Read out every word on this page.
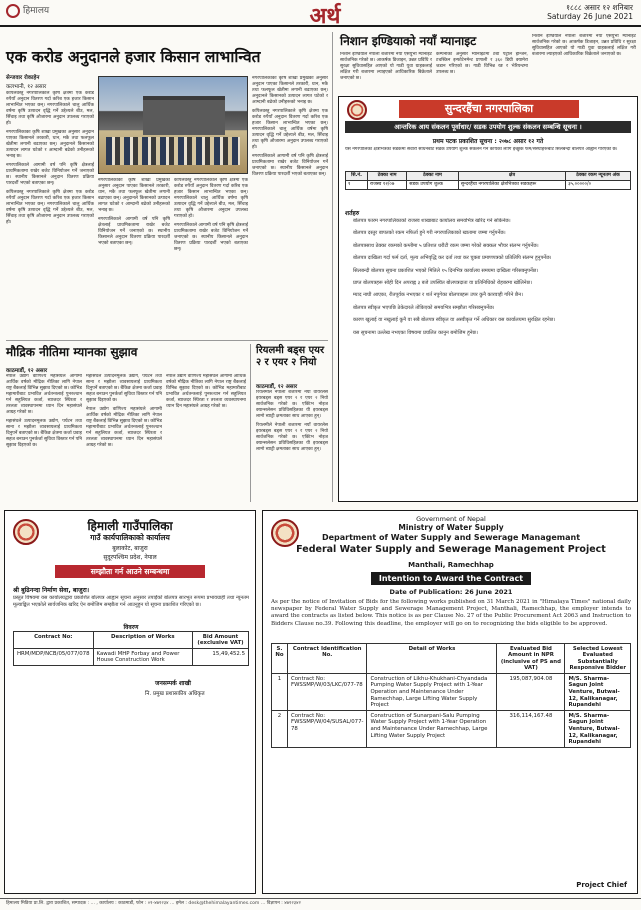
हिमालय	अर्थ	१८८८ असार १२ शनिबार
Saturday 26 June 2021
एक करोड अनुदानले हजार किसान लाभान्वित
सेन्जवार रोकाहेन
कलभानी, १२ असार

कपिलवस्तु नगरपालिकाले कृषि क्षेत्रमा एक करोड रुपैयाँ अनुदान वितरण गर्दा करिब एक हजार किसान लाभान्वित भएका छन्। नगरपालिकाले चालु आर्थिक वर्षमा कृषि उत्पादन वृद्धि गर्ने उद्देश्यले बीउ, मल, सिँचाइ तथा कृषि औजारमा अनुदान उपलब्ध गराएको हो।

नगरपालिकाका कृषि शाखा प्रमुखका अनुसार अनुदान पाएका किसानले तरकारी, धान, मकै तथा फलफूल खेतीमा लगानी बढाएका छन्। अनुदानले किसानको उत्पादन लागत घटेको र आम्दानी बढेको उनीहरूको भनाइ छ।

नगरपालिकाले आगामी वर्ष पनि कृषि क्षेत्रलाई प्राथमिकतामा राखेर बजेट विनियोजन गर्ने जनाएको छ। स्थानीय किसानले अनुदान वितरण प्रक्रिया पारदर्शी भएको बताएका छन्।

कपिलवस्तु नगरपालिकाले कृषि क्षेत्रमा एक करोड रुपैयाँ अनुदान वितरण गर्दा करिब एक हजार किसान लाभान्वित भएका छन्। नगरपालिकाले चालु आर्थिक वर्षमा कृषि उत्पादन वृद्धि गर्ने उद्देश्यले बीउ, मल, सिँचाइ तथा कृषि औजारमा अनुदान उपलब्ध गराएको हो।

नगरपालिकाका कृषि शाखा प्रमुखका अनुसार अनुदान पाएका किसानले तरकारी, धान, मकै तथा फलफूल खेतीमा लगानी बढाएका छन्। अनुदानले किसानको उत्पादन लागत घटेको र आम्दानी बढेको उनीहरूको भनाइ छ।

नगरपालिकाले आगामी वर्ष पनि कृषि क्षेत्रलाई प्राथमिकतामा राखेर बजेट विनियोजन गर्ने जनाएको छ। स्थानीय किसानले अनुदान वितरण प्रक्रिया पारदर्शी भएको बताएका छन्।

कपिलवस्तु नगरपालिकाले कृषि क्षेत्रमा एक करोड रुपैयाँ अनुदान वितरण गर्दा करिब एक हजार किसान लाभान्वित भएका छन्। नगरपालिकाले चालु आर्थिक वर्षमा कृषि उत्पादन वृद्धि गर्ने उद्देश्यले बीउ, मल, सिँचाइ तथा कृषि औजारमा अनुदान उपलब्ध गराएको हो।

नगरपालिकाले आगामी वर्ष पनि कृषि क्षेत्रलाई प्राथमिकतामा राखेर बजेट विनियोजन गर्ने जनाएको छ। स्थानीय किसानले अनुदान वितरण प्रक्रिया पारदर्शी भएको बताएका छन्।

नगरपालिकाका कृषि शाखा प्रमुखका अनुसार अनुदान पाएका किसानले तरकारी, धान, मकै तथा फलफूल खेतीमा लगानी बढाएका छन्। अनुदानले किसानको उत्पादन लागत घटेको र आम्दानी बढेको उनीहरूको भनाइ छ।

कपिलवस्तु नगरपालिकाले कृषि क्षेत्रमा एक करोड रुपैयाँ अनुदान वितरण गर्दा करिब एक हजार किसान लाभान्वित भएका छन्। नगरपालिकाले चालु आर्थिक वर्षमा कृषि उत्पादन वृद्धि गर्ने उद्देश्यले बीउ, मल, सिँचाइ तथा कृषि औजारमा अनुदान उपलब्ध गराएको हो।

नगरपालिकाले आगामी वर्ष पनि कृषि क्षेत्रलाई प्राथमिकतामा राखेर बजेट विनियोजन गर्ने जनाएको छ। स्थानीय किसानले अनुदान वितरण प्रक्रिया पारदर्शी भएको बताएका छन्।

मौद्रिक नीतिमा म्यानका सुझाव
काठमाडौं, १२ असार

नेपाल उद्योग वाणिज्य महासंघले आगामी आर्थिक वर्षको मौद्रिक नीतिका लागि नेपाल राष्ट्र बैंकलाई विभिन्न सुझाव दिएको छ। कोभिड महामारीबाट प्रभावित अर्थतन्त्रलाई पुनरुत्थान गर्न सहुलियत कर्जा, ब्याजदर स्थिरता र तरलता व्यवस्थापनमा ध्यान दिन महासंघले आग्रह गरेको छ।

महासंघले उत्पादनमूलक उद्योग, पर्यटन तथा साना र मझौला व्यवसायलाई प्राथमिकता दिनुपर्ने बताएको छ। बैंकिङ क्षेत्रमा कर्जा प्रवाह सहज बनाउन पुनर्कर्जा सुविधा विस्तार गर्न पनि सुझाव दिइएको छ।

महासंघले उत्पादनमूलक उद्योग, पर्यटन तथा साना र मझौला व्यवसायलाई प्राथमिकता दिनुपर्ने बताएको छ। बैंकिङ क्षेत्रमा कर्जा प्रवाह सहज बनाउन पुनर्कर्जा सुविधा विस्तार गर्न पनि सुझाव दिइएको छ।

नेपाल उद्योग वाणिज्य महासंघले आगामी आर्थिक वर्षको मौद्रिक नीतिका लागि नेपाल राष्ट्र बैंकलाई विभिन्न सुझाव दिएको छ। कोभिड महामारीबाट प्रभावित अर्थतन्त्रलाई पुनरुत्थान गर्न सहुलियत कर्जा, ब्याजदर स्थिरता र तरलता व्यवस्थापनमा ध्यान दिन महासंघले आग्रह गरेको छ।

नेपाल उद्योग वाणिज्य महासंघले आगामी आर्थिक वर्षको मौद्रिक नीतिका लागि नेपाल राष्ट्र बैंकलाई विभिन्न सुझाव दिएको छ। कोभिड महामारीबाट प्रभावित अर्थतन्त्रलाई पुनरुत्थान गर्न सहुलियत कर्जा, ब्याजदर स्थिरता र तरलता व्यवस्थापनमा ध्यान दिन महासंघले आग्रह गरेको छ।

रियलमी बड्स एयर २ र एयर २ नियो
काठमाडौं, १२ असार

रियलमीले नेपाली बजारमा नयाँ वायरलेस इयरबड्स बड्स एयर २ र एयर २ नियो सार्वजनिक गरेको छ। एक्टिभ नोइज क्यान्सलेसन प्रविधिसहितका यी इयरबड्स लामो ब्याट्री क्षमताका साथ आएका हुन्।

रियलमीले नेपाली बजारमा नयाँ वायरलेस इयरबड्स बड्स एयर २ र एयर २ नियो सार्वजनिक गरेको छ। एक्टिभ नोइज क्यान्सलेसन प्रविधिसहितका यी इयरबड्स लामो ब्याट्री क्षमताका साथ आएका हुन्।

निशान इण्डियाको नयाँ म्यानाइट

निशान इण्डियाले नेपाली बजारमा नयाँ एसयुभी म्यानाइट सार्वजनिक गरेको छ। आकर्षक डिजाइन, उन्नत प्रविधि र सुरक्षा सुविधासहित आएको यो गाडी युवा ग्राहकलाई लक्षित गरी बजारमा ल्याइएको आधिकारिक बिक्रेताले जनाएको छ।

कम्पनीका अनुसार म्यानाइटमा टर्बो पेट्रोल इन्जिन, टचस्क्रिन इन्फोटेनमेन्ट प्रणाली र ३६० डिग्री क्यामेरा जडान गरिएको छ। गाडी विभिन्न रङ र भेरियन्टमा उपलब्ध छ।

निशान इण्डियाले नेपाली बजारमा नयाँ एसयुभी म्यानाइट सार्वजनिक गरेको छ। आकर्षक डिजाइन, उन्नत प्रविधि र सुरक्षा सुविधासहित आएको यो गाडी युवा ग्राहकलाई लक्षित गरी बजारमा ल्याइएको आधिकारिक बिक्रेताले जनाएको छ।

सुन्दरहैंचा नगरपालिका
आन्तरिक आय संकलन पूर्वाधार/ सडक उपयोग शुल्क संकलन सम्बन्धि सूचना ।
प्रथम पटक प्रकाशित सूचना : २०७८ असार १२ गते
यस नगरपालिका क्षेत्रभित्रका सडकमा सवारी साधनबाट सडक उपयोग शुल्क संकलन गर्ने कार्यका लागि इच्छुक फर्म/संस्थाहरूबाट सिलबन्दी बोलपत्र आह्वान गरिएको छ।
सि.नं.	ठेक्का नाम	ठेक्का नाम	क्षेत्र	ठेक्का रकम न्यूनतम अंक
१	राजस्व १२/०७	सडक उपयोग शुल्क	सुन्दरहैंचा नगरपालिका क्षेत्रभित्रका सडकहरू	३५,०००००/०
शर्तहरु
1. बोलपत्र फारम नगरपालिकाको राजस्व शाखाबाट कार्यालय समयभित्र खरिद गर्न सकिनेछ।
2. बोलपत्र दस्तुर बापतको रकम नफिर्ता हुने गरी नगरपालिकाको खातामा जम्मा गर्नुपर्नेछ।
3. बोलपत्रसाथ ठेक्का रकमको कम्तीमा ५ प्रतिशत धरौटी रकम जम्मा गरेको सक्कल भौचर संलग्न गर्नुपर्नेछ।
4. बोलपत्र दाखिला गर्दा फर्म दर्ता, मूल्य अभिवृद्धि कर दर्ता तथा कर चुक्ता प्रमाणपत्रको प्रतिलिपि संलग्न हुनुपर्नेछ।
5. सिलबन्दी बोलपत्र सूचना प्रकाशित भएको मितिले १५ दिनभित्र कार्यालय समयमा दाखिला गरिसक्नुपर्नेछ।
6. प्राप्त बोलपत्रहरू सोही दिन अपराह्न ३ बजे उपस्थित बोलपत्रदाता वा प्रतिनिधिको रोहबरमा खोलिनेछ।
7. म्याद नाघी आएका, रीतपूर्वक नभएका र शर्त नपुगेका बोलपत्रहरू उपर कुनै कारवाही गरिने छैन।
8. बोलपत्र स्वीकृत भएपछि ठेकेदारले तोकिएको समयभित्र सम्झौता गरिसक्नुपर्नेछ।
9. कारण खुलाई वा नखुलाई कुनै वा सबै बोलपत्र स्वीकृत वा अस्वीकृत गर्ने अधिकार यस कार्यालयमा सुरक्षित रहनेछ।
10. यस सूचनामा उल्लेख नभएका विषयमा प्रचलित कानुन बमोजिम हुनेछ।
हिमाली गाउँपालिका
गाउँ कार्यपालिकाको कार्यालय
बुलाकोट, बाजुरा
सुदूरपश्चिम प्रदेश, नेपाल
सम्झौता गर्न आउने सम्बन्धमा
श्री बुढिनन्दा निर्माण सेवा, बाजुरा।
प्रस्तुत विषयमा यस कार्यालयद्वारा प्रकाशित बोलपत्र आह्वान सूचना अनुसार तपाईंको बोलपत्र सारभूत रूपमा प्रभावग्राही तथा न्यूनतम मूल्याङ्कित भएकोले सार्वजनिक खरिद ऐन बमोजिम सम्झौता गर्न आउनुहुन यो सूचना प्रकाशित गरिएको छ।
विवरण
Contract No:	Description of Works	Bid Amount (exclusive VAT)
HRM/MDP/NCB/05/077/078	Kawadi MHP Forbay and Power House Construction Work	15,49,452.5
जनसम्पर्क शाखी
नि. प्रमुख प्रशासकीय अधिकृत
Government of Nepal
Ministry of Water Supply
Department of Water Supply and Sewerage Managemant
Federal Water Supply and Sewerage Management Project
Manthali, Ramechhap
Intention to Award the Contract
Date of Publication: 26 June 2021
As per the notice of Invitation of Bids for the following works published on 31 March 2021 in "Himalaya Times" national daily newspaper by Federal Water Supply and Sewerage Management Project, Manthali, Ramechhap, the employer intends to award the contracts as listed below. This notice is as per Clause No. 27 of the Public Procurement Act 2063 and Instruction to Bidders Clause no.39. Following this deadline, the employer will go on to recognizing the bids eligible to be approved.
S. No	Contract Identification No.	Detail of Works	Evaluated Bid Amount in NPR (inclusive of PS and VAT)	Selected Lowest Evaluated Substantially Responsive Bidder
1	Contract No: FWSSMP/W/03/LKC/077-78	Construction of Likhu-Khukhani-Chyandada Pumping Water Supply Project with 1-Year Operation and Maintenance Under Ramechhap, Large Lifting Water Supply Project	195,087,904.08	M/S. Sharma-Sagun Joint Venture, Butwal-12, Kalikanagar, Rupandehi
2	Contract No: FWSSMP/W/04/SUSAL/077-78	Construction of Sunarpani-Salu Pumping Water Supply Project with 1-Year Operation and Maintenance Under Ramechhap, Large Lifting Water Supply Project	316,114,167.48	M/S. Sharma-Sagun Joint Venture, Butwal-12, Kalikanagar, Rupandehi
Project Chief
हिमालय मिडिया प्रा.लि. द्वारा प्रकाशित, सम्पादक : ... , कार्यालय : काठमाडौं, फोन : ०१-४७१२३४ ... इमेल : desk@thehimalayantimes.com ... विज्ञापन : ४७१२३४२
